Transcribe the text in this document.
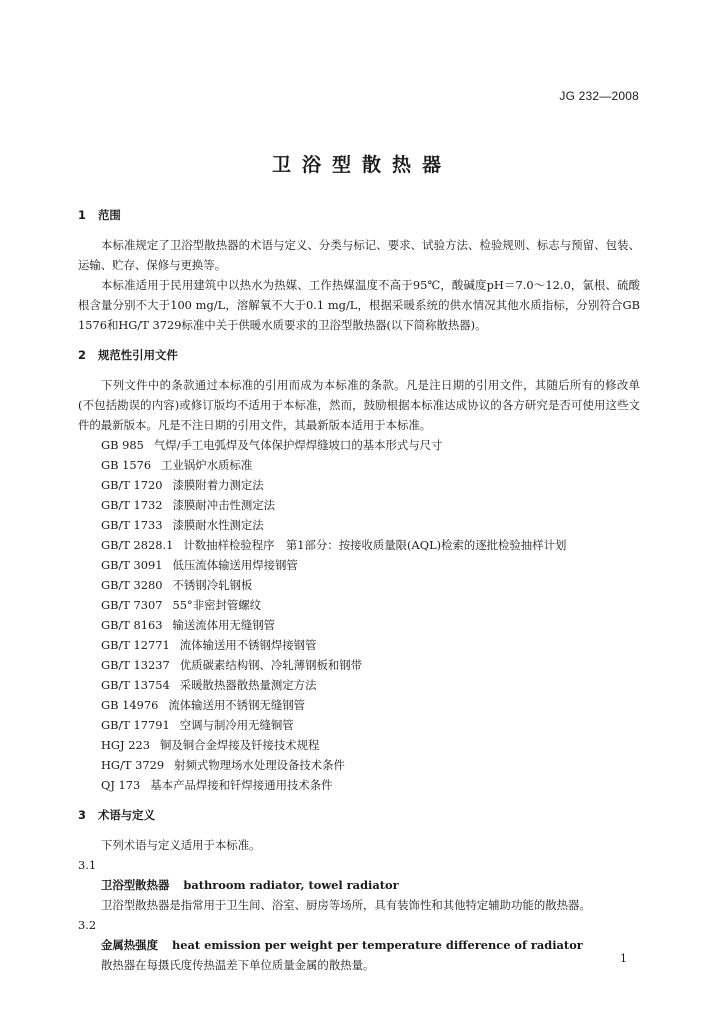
JG 232—2008
卫浴型散热器

1 范围

本标准规定了卫浴型散热器的术语与定义、分类与标记、要求、试验方法、检验规则、标志与预留、包装、运输、贮存、保修与更换等。

本标准适用于民用建筑中以热水为热媒、工作热媒温度不高于95℃，酸碱度pH＝7.0～12.0，氯根、硫酸根含量分别不大于100 mg/L，溶解氧不大于0.1 mg/L，根据采暖系统的供水情况其他水质指标，分别符合GB 1576和HG/T 3729标准中关于供暖水质要求的卫浴型散热器(以下简称散热器)。

2 规范性引用文件

下列文件中的条款通过本标准的引用而成为本标准的条款。凡是注日期的引用文件，其随后所有的修改单(不包括勘误的内容)或修订版均不适用于本标准，然而，鼓励根据本标准达成协议的各方研究是否可使用这些文件的最新版本。凡是不注日期的引用文件，其最新版本适用于本标准。

GB 985 气焊/手工电弧焊及气体保护焊焊缝坡口的基本形式与尺寸
GB 1576 工业锅炉水质标准
GB/T 1720 漆膜附着力测定法
GB/T 1732 漆膜耐冲击性测定法
GB/T 1733 漆膜耐水性测定法
GB/T 2828.1 计数抽样检验程序　第1部分：按接收质量限(AQL)检索的逐批检验抽样计划
GB/T 3091 低压流体输送用焊接钢管
GB/T 3280 不锈钢冷轧钢板
GB/T 7307 55°非密封管螺纹
GB/T 8163 输送流体用无缝钢管
GB/T 12771 流体输送用不锈钢焊接钢管
GB/T 13237 优质碳素结构钢、冷轧薄钢板和钢带
GB/T 13754 采暖散热器散热量测定方法
GB 14976 流体输送用不锈钢无缝钢管
GB/T 17791 空调与制冷用无缝铜管
HGJ 223 铜及铜合金焊接及钎接技术规程
HG/T 3729 射频式物理场水处理设备技术条件
QJ 173 基本产品焊接和钎焊接通用技术条件

3 术语与定义

下列术语与定义适用于本标准。

3.1

卫浴型散热器 bathroom radiator, towel radiator

卫浴型散热器是指常用于卫生间、浴室、厨房等场所，具有装饰性和其他特定辅助功能的散热器。

3.2

金属热强度 heat emission per weight per temperature difference of radiator

散热器在每摄氏度传热温差下单位质量金属的散热量。	1
